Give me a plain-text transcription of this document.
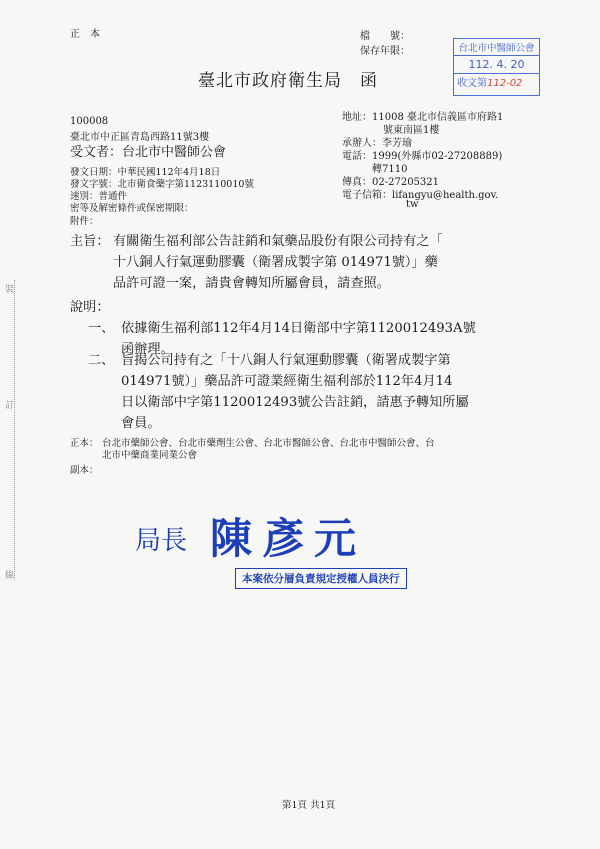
正　本	檔　　號：
保存年限：	台北市中醫師公會
112. 4. 20
收文第112-02
臺北市政府衛生局　函
100008
臺北市中正區青島西路11號3樓
受文者：台北市中醫師公會
地址：11008 臺北市信義區市府路1
號東南區1樓
承辦人：李芳瑜
電話：1999(外縣市02-27208889)
轉7110
傳真：02-27205321
電子信箱：lifangyu@health.gov.
tw
發文日期：中華民國112年4月18日
發文字號：北市衛食藥字第1123110010號
速別：普通件
密等及解密條件或保密期限：
附件：
主旨： 有關衛生福利部公告註銷和氣藥品股份有限公司持有之「
十八銅人行氣運動膠囊（衛署成製字第 014971號）」藥
品許可證一案，請貴會轉知所屬會員，請查照。
說明：
一、 依據衛生福利部112年4月14日衛部中字第1120012493A號
函辦理。
二、 旨揭公司持有之「十八銅人行氣運動膠囊（衛署成製字第
014971號）」藥品許可證業經衛生福利部於112年4月14
日以衛部中字第1120012493號公告註銷，請惠予轉知所屬
會員。
正本： 台北市藥師公會、台北市藥劑生公會、台北市醫師公會、台北市中醫師公會、台
北市中藥商業同業公會
副本：
局長 陳彥元
本案依分層負責規定授權人員決行
裝
訂
線
第1頁 共1頁
